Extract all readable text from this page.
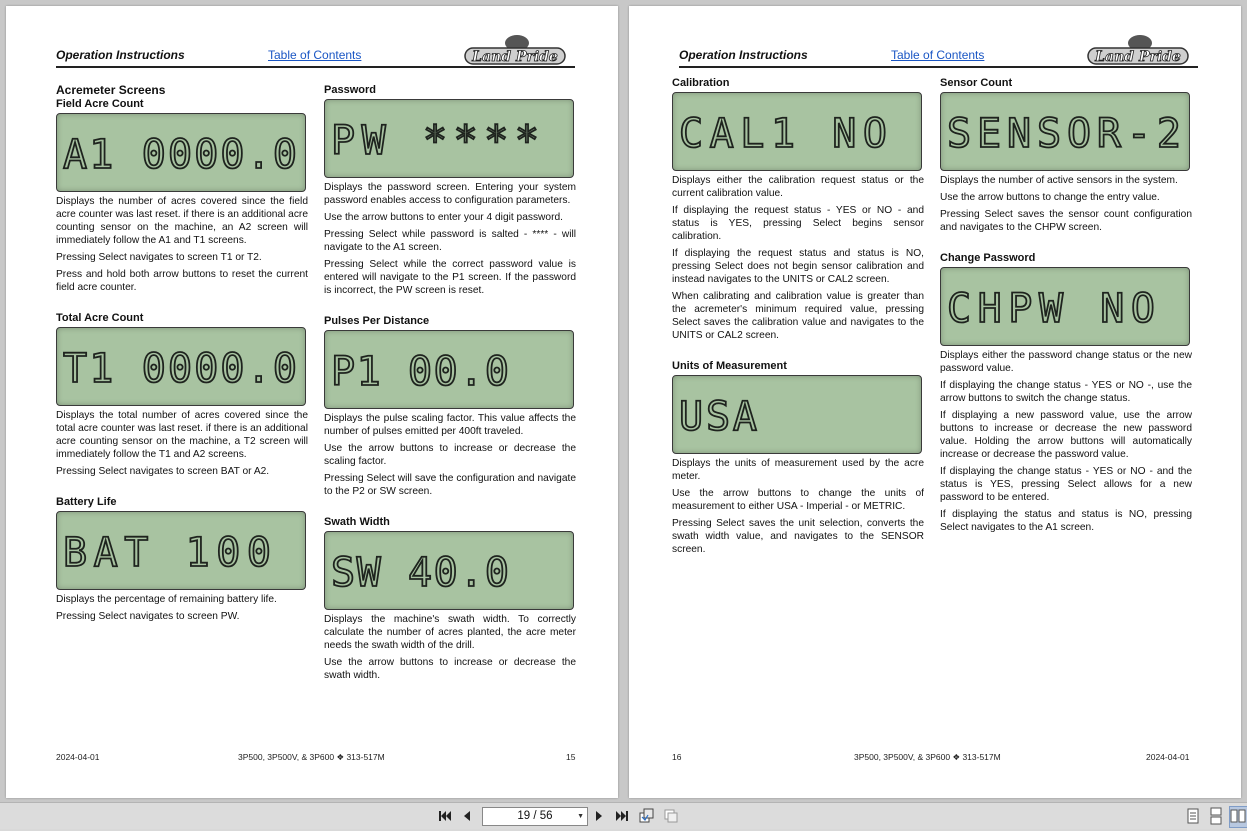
Operation Instructions	Table of Contents	Land Pride
Acremeter Screens
Field Acre Count
A1 0000.0

Displays the number of acres covered since the field acre counter was last reset. if there is an additional acre counting sensor on the machine, an A2 screen will immediately follow the A1 and T1 screens.

Pressing Select navigates to screen T1 or T2.

Press and hold both arrow buttons to reset the current field acre counter.

Total Acre Count
T1 0000.0

Displays the total number of acres covered since the total acre counter was last reset. if there is an additional acre counting sensor on the machine, a T2 screen will immediately follow the T1 and A2 screens.

Pressing Select navigates to screen BAT or A2.

Battery Life
BAT 100

Displays the percentage of remaining battery life.

Pressing Select navigates to screen PW.

Password
PW ****

Displays the password screen. Entering your system password enables access to configuration parameters.

Use the arrow buttons to enter your 4 digit password.

Pressing Select while password is salted - **** - will navigate to the A1 screen.

Pressing Select while the correct password value is entered will navigate to the P1 screen. If the password is incorrect, the PW screen is reset.

Pulses Per Distance
P1 00.0

Displays the pulse scaling factor. This value affects the number of pulses emitted per 400ft traveled.

Use the arrow buttons to increase or decrease the scaling factor.

Pressing Select will save the configuration and navigate to the P2 or SW screen.

Swath Width
SW 40.0

Displays the machine's swath width. To correctly calculate the number of acres planted, the acre meter needs the swath width of the drill.

Use the arrow buttons to increase or decrease the swath width.

2024-04-01	3P500, 3P500V, & 3P600 ❖ 313-517M	15
Operation Instructions	Table of Contents	Land Pride
Calibration
CAL1 NO

Displays either the calibration request status or the current calibration value.

If displaying the request status - YES or NO - and status is YES, pressing Select begins sensor calibration.

If displaying the request status and status is NO, pressing Select does not begin sensor calibration and instead navigates to the UNITS or CAL2 screen.

When calibrating and calibration value is greater than the acremeter's minimum required value, pressing Select saves the calibration value and navigates to the UNITS or CAL2 screen.

Units of Measurement
USA

Displays the units of measurement used by the acre meter.

Use the arrow buttons to change the units of measurement to either USA - Imperial - or METRIC.

Pressing Select saves the unit selection, converts the swath width value, and navigates to the SENSOR screen.

Sensor Count
SENSOR-2

Displays the number of active sensors in the system.

Use the arrow buttons to change the entry value.

Pressing Select saves the sensor count configuration and navigates to the CHPW screen.

Change Password
CHPW NO

Displays either the password change status or the new password value.

If displaying the change status - YES or NO -, use the arrow buttons to switch the change status.

If displaying a new password value, use the arrow buttons to increase or decrease the new password value. Holding the arrow buttons will automatically increase or decrease the password value.

If displaying the change status - YES or NO - and the status is YES, pressing Select allows for a new password to be entered.

If displaying the status and status is NO, pressing Select navigates to the A1 screen.

16	3P500, 3P500V, & 3P600 ❖ 313-517M	2024-04-01
19 / 56	▼
